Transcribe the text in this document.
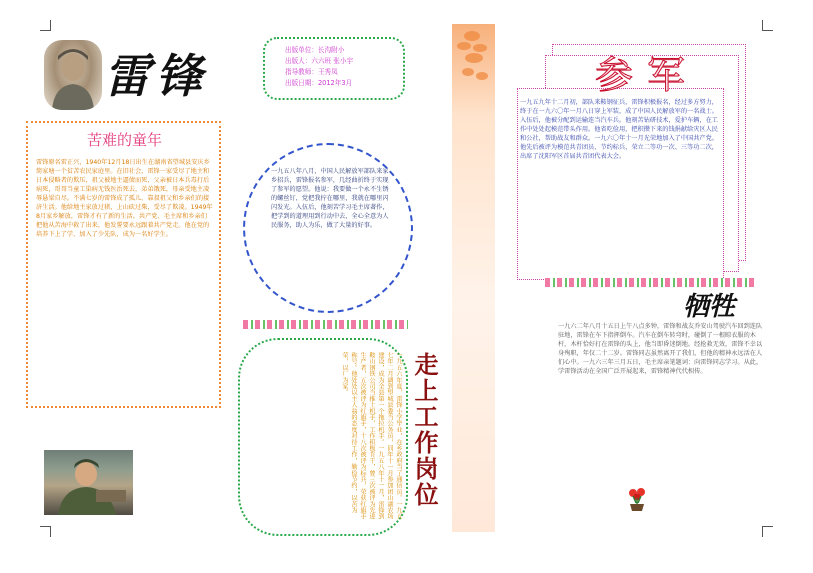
雷锋	出版单位：长沟附小
出版人：六六班 张小宇
指导教师：王秀凤
出版日期：2012年3月
苦难的童年
雷锋原名雷正兴，1940年12月18日出生在湖南省望城县安庆乡简家塘一个贫苦农民家庭里。在旧社会，雷锋一家受尽了地主和日本侵略者的欺压，祖父被地主逼债而死，父亲被日本兵毒打后病死，哥哥当童工染病无钱医治死去，弟弟饿死，母亲受地主凌辱悬梁自尽。不满七岁的雷锋成了孤儿，靠叔祖父和乡亲们的接济生活。他给地主家放过猪，上山砍过柴，受尽了欺凌。1949年8月家乡解放，雷锋才有了新的生活。共产党、毛主席和乡亲们把他从苦海中救了出来，他发誓要永远跟着共产党走。他在党的培养下上了学，加入了少先队，成为一名好学生。
一九五八年八月，中国人民解放军部队来家乡招兵，雷锋报名参军，几经曲折终于实现了参军的愿望。他说：我要做一个永不生锈的螺丝钉，党把我拧在哪里，我就在哪里闪闪发光。入伍后，他刻苦学习毛主席著作，把学到的道理用到行动中去，全心全意为人民服务，助人为乐，做了大量的好事。
一九五六年夏，雷锋小学毕业，在乡政府当了通信员。一九五七年二月调到望城县委当公务员，同年十一月参加团山湖农场建设，成为全县第一个拖拉机手。一九五八年十一月，雷锋到鞍山钢铁公司当推土机手，工作积极肯干，曾三次被评为先进生产者，五次被评为红旗手，十八次被评为标兵，荣获红旗手称号。他处处以主人翁的态度对待工作，勤俭节约，以苦为荣，以厂为家。	走上工作岗位
参军
一九五九年十二月初，部队来鞍钢征兵，雷锋积极报名，经过多方努力，终于在一九六〇年一月八日穿上军装，成了中国人民解放军的一名战士。入伍后，他被分配到运输连当汽车兵。他刻苦钻研技术，爱护车辆，在工作中处处起模范带头作用。他省吃俭用，把积攒下来的钱捐献给灾区人民和公社，帮助战友和群众。一九六〇年十一月光荣地加入了中国共产党。他先后被评为模范共青团员、节约标兵，荣立二等功一次、三等功二次，出席了沈阳军区首届共青团代表大会。
牺牲
一九六二年八月十五日上午八点多钟，雷锋和战友乔安山驾驶汽车回到连队驻地，雷锋在车下指挥倒车。汽车在倒车转弯时，碰倒了一根晾衣服的木杆，木杆恰好打在雷锋的头上，他当即昏迷倒地。经抢救无效，雷锋不幸以身殉职，年仅二十二岁。雷锋同志虽然离开了我们，但他的精神永远活在人们心中。一九六三年三月五日，毛主席亲笔题词：向雷锋同志学习。从此，学雷锋活动在全国广泛开展起来，雷锋精神代代相传。
